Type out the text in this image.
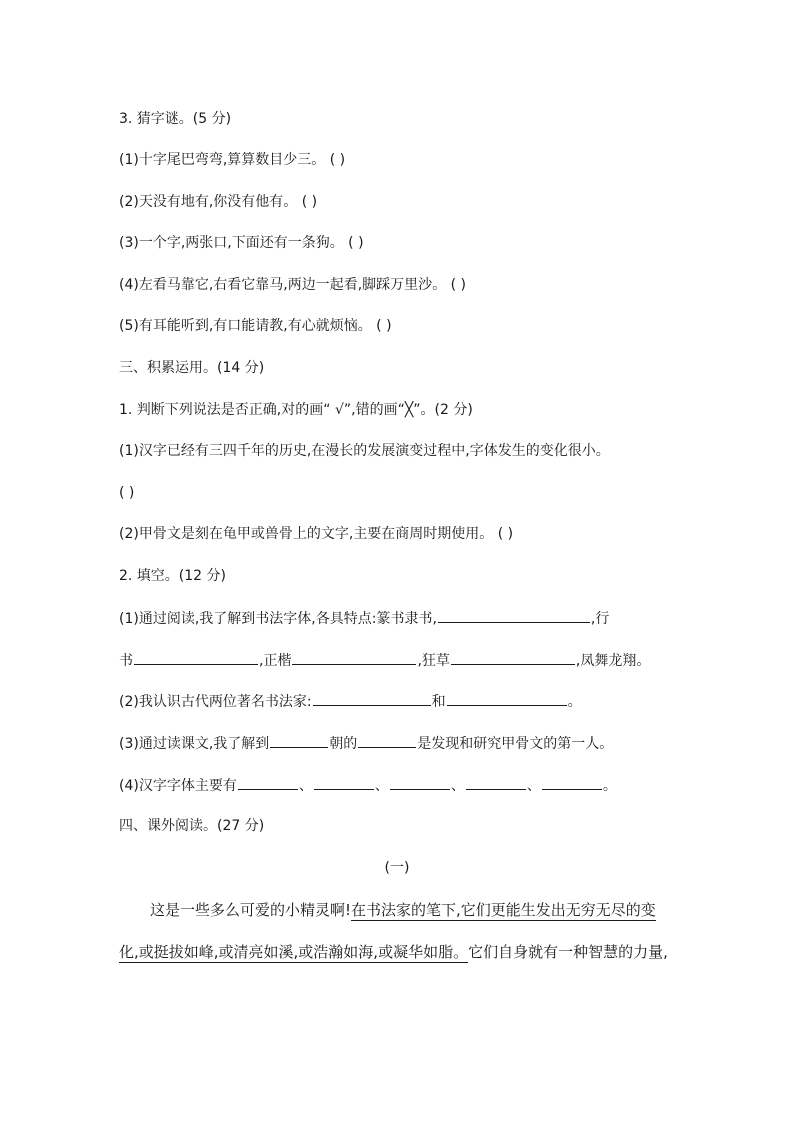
3. 猜字谜。(5 分)
(1)十字尾巴弯弯,算算数目少三。 ( )
(2)天没有地有,你没有他有。 ( )
(3)一个字,两张口,下面还有一条狗。 ( )
(4)左看马靠它,右看它靠马,两边一起看,脚踩万里沙。 ( )
(5)有耳能听到,有口能请教,有心就烦恼。 ( )
三、积累运用。(14 分)
1. 判断下列说法是否正确,对的画“ √”,错的画“╳”。(2 分)
(1)汉字已经有三四千年的历史,在漫长的发展演变过程中,字体发生的变化很小。
( )
(2)甲骨文是刻在龟甲或兽骨上的文字,主要在商周时期使用。 ( )
2. 填空。(12 分)
(1)通过阅读,我了解到书法字体,各具特点:篆书隶书,	,行
书	,正楷	,狂草	,凤舞龙翔。
(2)我认识古代两位著名书法家:	和	。
(3)通过读课文,我了解到	朝的	是发现和研究甲骨文的第一人。
(4)汉字字体主要有	、	、	、	、	。
四、课外阅读。(27 分)
(一)
这是一些多么可爱的小精灵啊!在书法家的笔下,它们更能生发出无穷无尽的变
化,或挺拔如峰,或清亮如溪,或浩瀚如海,或凝华如脂。它们自身就有一种智慧的力量,
